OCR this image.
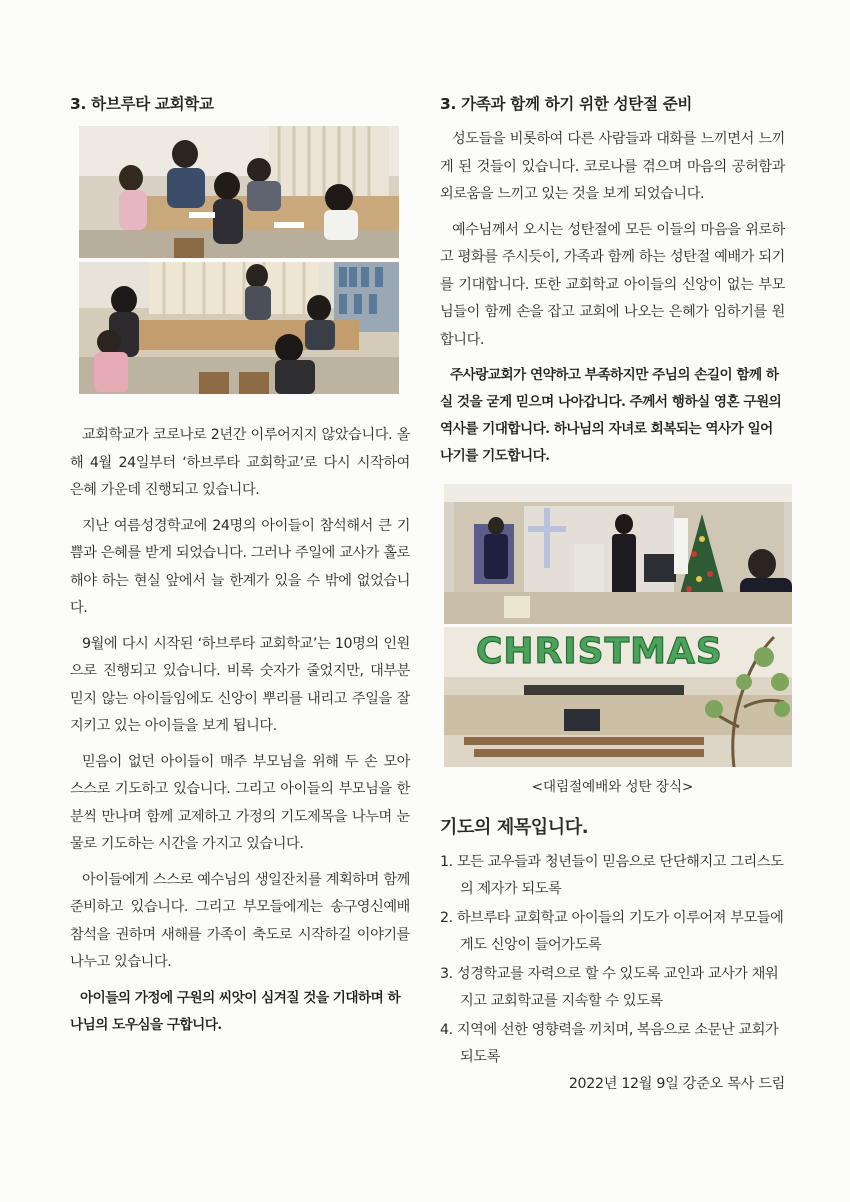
3. 하브루타 교회학교

교회학교가 코로나로 2년간 이루어지지 않았습니다. 올해 4월 24일부터 ‘하브루타 교회학교’로 다시 시작하여 은혜 가운데 진행되고 있습니다.

지난 여름성경학교에 24명의 아이들이 참석해서 큰 기쁨과 은혜를 받게 되었습니다. 그러나 주일에 교사가 홀로 해야 하는 현실 앞에서 늘 한계가 있을 수 밖에 없었습니다.

9월에 다시 시작된 ‘하브루타 교회학교’는 10명의 인원으로 진행되고 있습니다. 비록 숫자가 줄었지만, 대부분 믿지 않는 아이들임에도 신앙이 뿌리를 내리고 주일을 잘 지키고 있는 아이들을 보게 됩니다.

믿음이 없던 아이들이 매주 부모님을 위해 두 손 모아 스스로 기도하고 있습니다. 그리고 아이들의 부모님을 한 분씩 만나며 함께 교제하고 가정의 기도제목을 나누며 눈물로 기도하는 시간을 가지고 있습니다.

아이들에게 스스로 예수님의 생일잔치를 계획하며 함께 준비하고 있습니다. 그리고 부모들에게는 송구영신예배 참석을 권하며 새해를 가족이 축도로 시작하길 이야기를 나누고 있습니다.

아이들의 가정에 구원의 씨앗이 심겨질 것을 기대하며 하나님의 도우심을 구합니다.

3. 가족과 함께 하기 위한 성탄절 준비

성도들을 비롯하여 다른 사람들과 대화를 느끼면서 느끼게 된 것들이 있습니다. 코로나를 겪으며 마음의 공허함과 외로움을 느끼고 있는 것을 보게 되었습니다.

예수님께서 오시는 성탄절에 모든 이들의 마음을 위로하고 평화를 주시듯이, 가족과 함께 하는 성탄절 예배가 되기를 기대합니다. 또한 교회학교 아이들의 신앙이 없는 부모님들이 함께 손을 잡고 교회에 나오는 은혜가 임하기를 원합니다.

주사랑교회가 연약하고 부족하지만 주님의 손길이 함께 하실 것을 굳게 믿으며 나아갑니다. 주께서 행하실 영혼 구원의 역사를 기대합니다. 하나님의 자녀로 회복되는 역사가 일어나기를 기도합니다.

CHRISTMAS
<대림절예배와 성탄 장식>
기도의 제목입니다.
1. 모든 교우들과 청년들이 믿음으로 단단해지고 그리스도의 제자가 되도록
2. 하브루타 교회학교 아이들의 기도가 이루어져 부모들에게도 신앙이 들어가도록
3. 성경학교를 자력으로 할 수 있도록 교인과 교사가 채워지고 교회학교를 지속할 수 있도록
4. 지역에 선한 영향력을 끼치며, 복음으로 소문난 교회가 되도록
2022년 12월 9일 강준오 목사 드림
